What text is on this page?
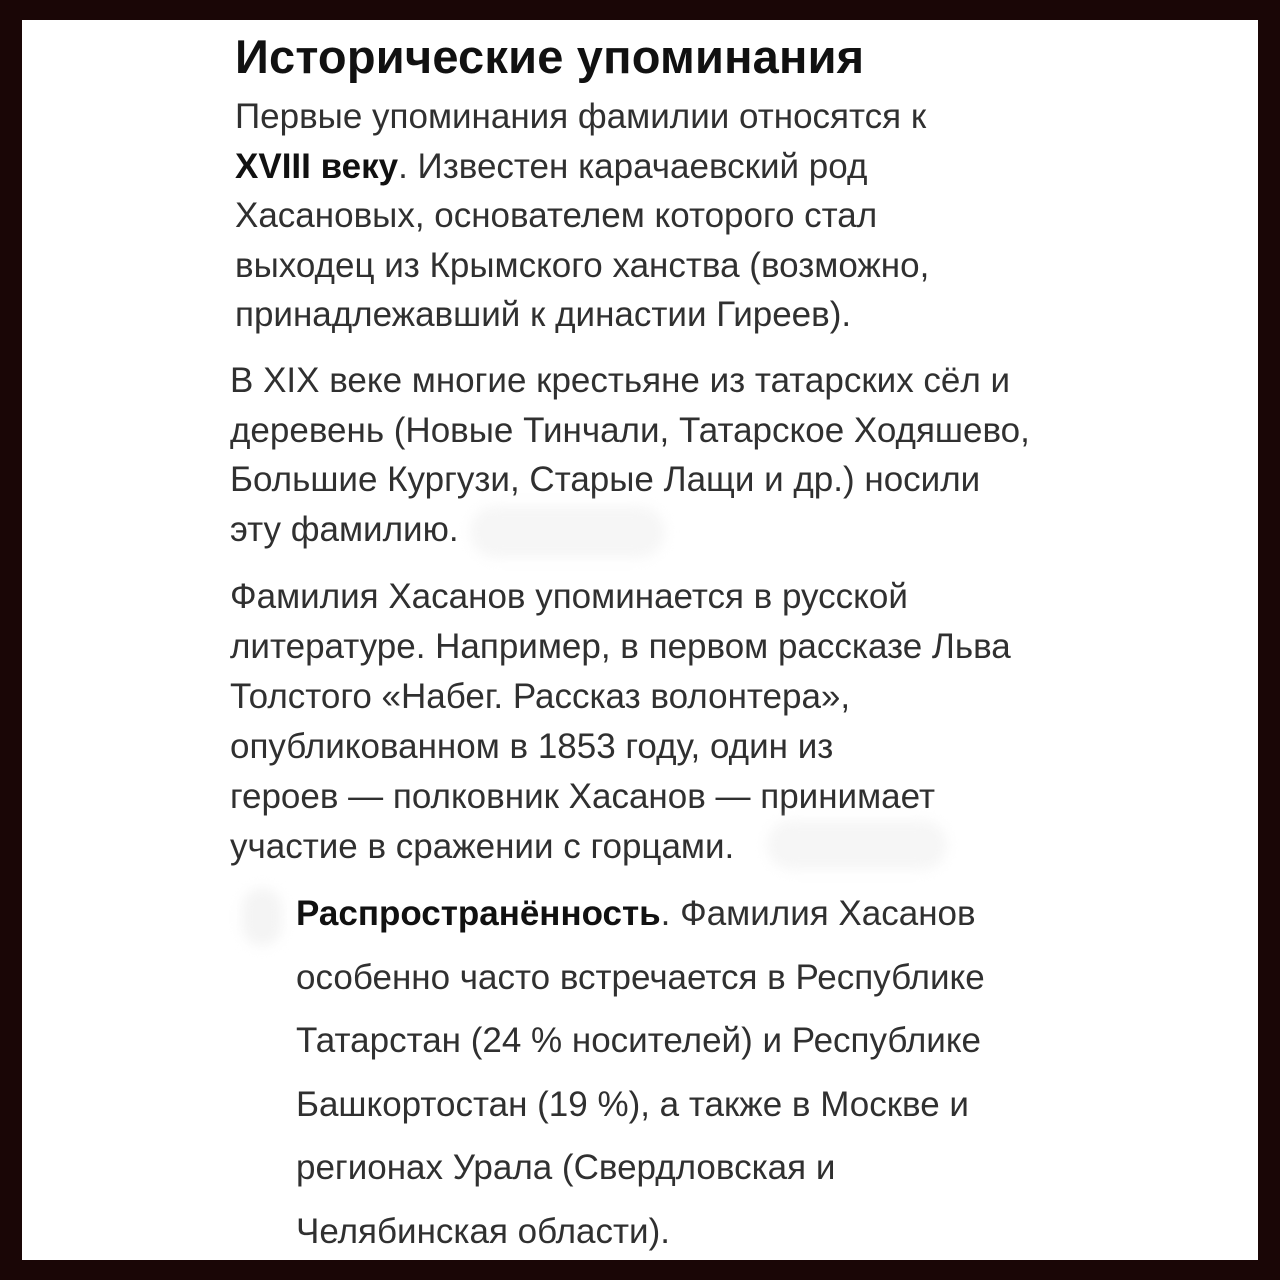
Исторические упоминания
Первые упоминания фамилии относятся к
XVIII веку. Известен карачаевский род
Хасановых, основателем которого стал
выходец из Крымского ханства (возможно,
принадлежавший к династии Гиреев).
В XIX веке многие крестьяне из татарских сёл и
деревень (Новые Тинчали, Татарское Ходяшево,
Большие Кургузи, Старые Лащи и др.) носили
эту фамилию.
Фамилия Хасанов упоминается в русской
литературе. Например, в первом рассказе Льва
Толстого «Набег. Рассказ волонтера»,
опубликованном в 1853 году, один из
героев — полковник Хасанов — принимает
участие в сражении с горцами.
Распространённость. Фамилия Хасанов
особенно часто встречается в Республике
Татарстан (24 % носителей) и Республике
Башкортостан (19 %), а также в Москве и
регионах Урала (Свердловская и
Челябинская области).
